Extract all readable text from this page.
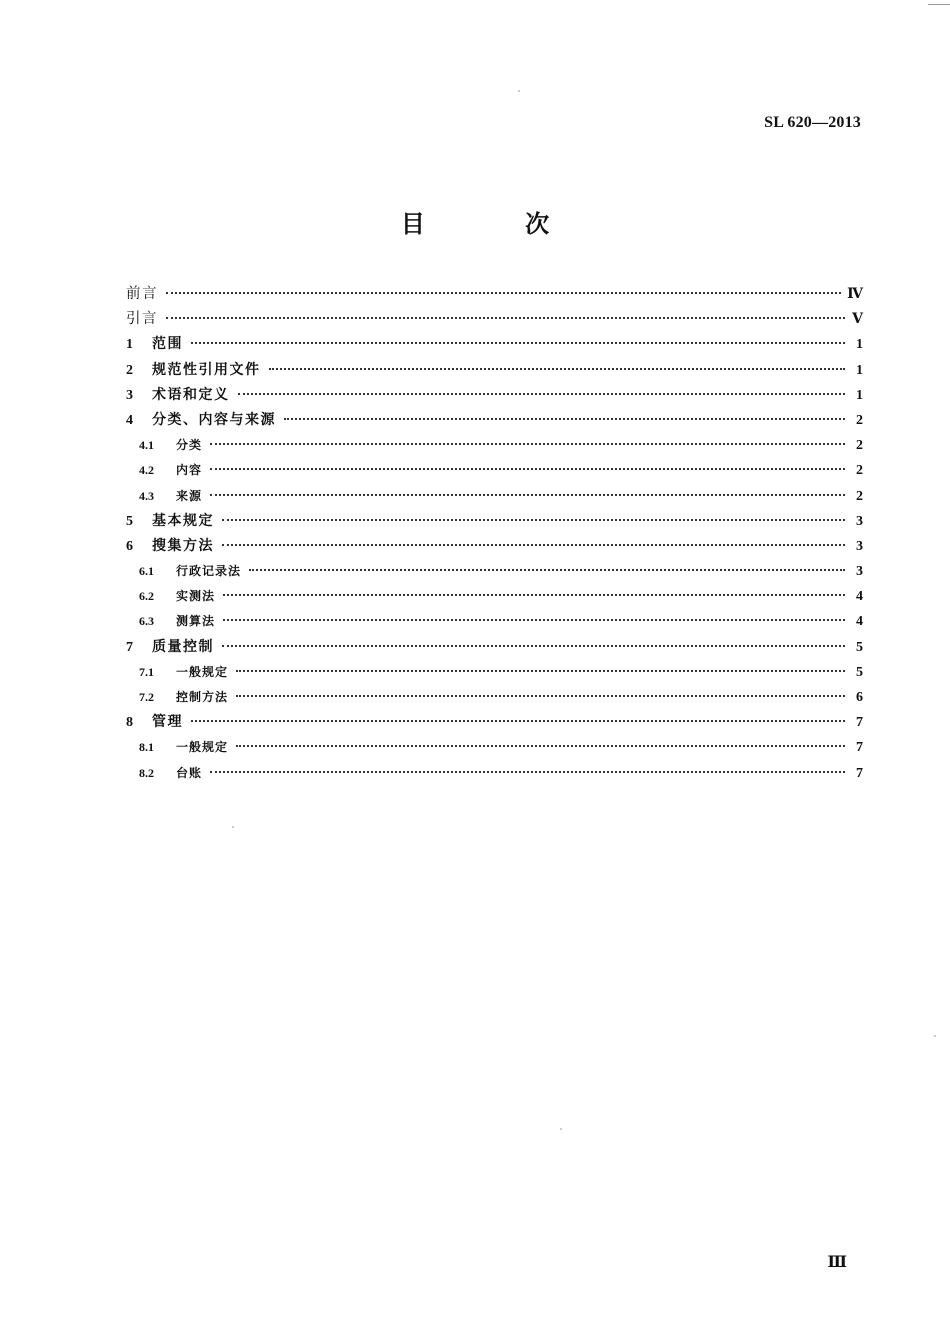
SL 620—2013
目 次
前言	Ⅳ
引言	Ⅴ
1	范围	1
2	规范性引用文件	1
3	术语和定义	1
4	分类、内容与来源	2
4.1	分类	2
4.2	内容	2
4.3	来源	2
5	基本规定	3
6	搜集方法	3
6.1	行政记录法	3
6.2	实测法	4
6.3	测算法	4
7	质量控制	5
7.1	一般规定	5
7.2	控制方法	6
8	管理	7
8.1	一般规定	7
8.2	台账	7
Ⅲ
